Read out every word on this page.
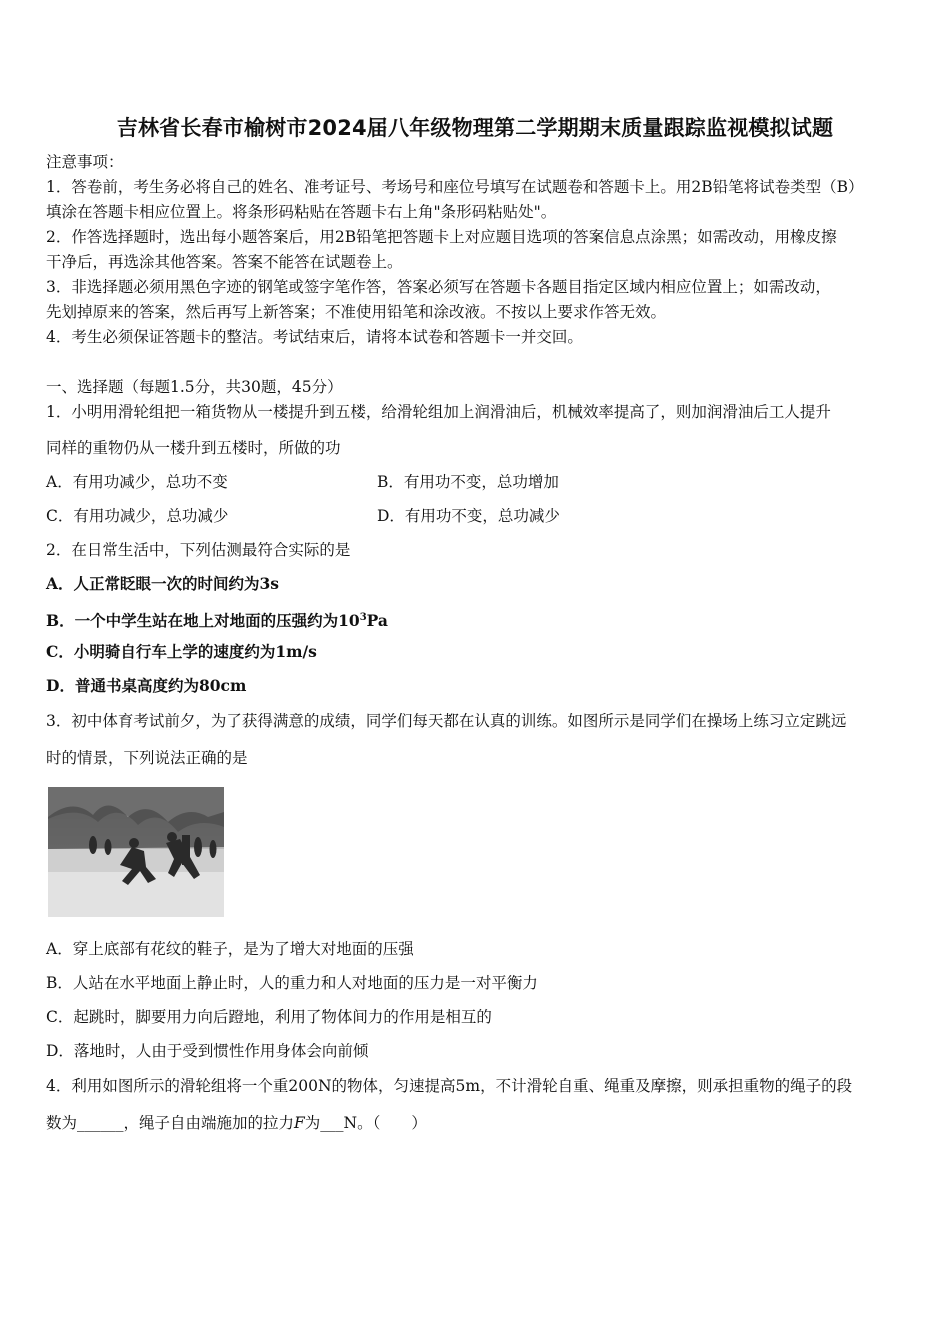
吉林省长春市榆树市2024届八年级物理第二学期期末质量跟踪监视模拟试题
注意事项：
1．答卷前，考生务必将自己的姓名、准考证号、考场号和座位号填写在试题卷和答题卡上。用2B铅笔将试卷类型（B）
填涂在答题卡相应位置上。将条形码粘贴在答题卡右上角"条形码粘贴处"。
2．作答选择题时，选出每小题答案后，用2B铅笔把答题卡上对应题目选项的答案信息点涂黑；如需改动，用橡皮擦
干净后，再选涂其他答案。答案不能答在试题卷上。
3．非选择题必须用黑色字迹的钢笔或签字笔作答，答案必须写在答题卡各题目指定区域内相应位置上；如需改动，
先划掉原来的答案，然后再写上新答案；不准使用铅笔和涂改液。不按以上要求作答无效。
4．考生必须保证答题卡的整洁。考试结束后，请将本试卷和答题卡一并交回。
一、选择题（每题1.5分，共30题，45分）
1．小明用滑轮组把一箱货物从一楼提升到五楼，给滑轮组加上润滑油后，机械效率提高了，则加润滑油后工人提升
同样的重物仍从一楼升到五楼时，所做的功
A．有用功减少，总功不变	B．有用功不变，总功增加
C．有用功减少，总功减少	D．有用功不变，总功减少
2．在日常生活中，下列估测最符合实际的是
A．人正常眨眼一次的时间约为3s
B．一个中学生站在地上对地面的压强约为$10^3Pa$
C．小明骑自行车上学的速度约为1m/s
D．普通书桌高度约为80cm
3．初中体育考试前夕，为了获得满意的成绩，同学们每天都在认真的训练。如图所示是同学们在操场上练习立定跳远
时的情景，下列说法正确的是
A．穿上底部有花纹的鞋子，是为了增大对地面的压强
B．人站在水平地面上静止时，人的重力和人对地面的压力是一对平衡力
C．起跳时，脚要用力向后蹬地，利用了物体间力的作用是相互的
D．落地时，人由于受到惯性作用身体会向前倾
4．利用如图所示的滑轮组将一个重200N的物体，匀速提高5m，不计滑轮自重、绳重及摩擦，则承担重物的绳子的段
数为______，绳子自由端施加的拉力F为___N。（　　）
